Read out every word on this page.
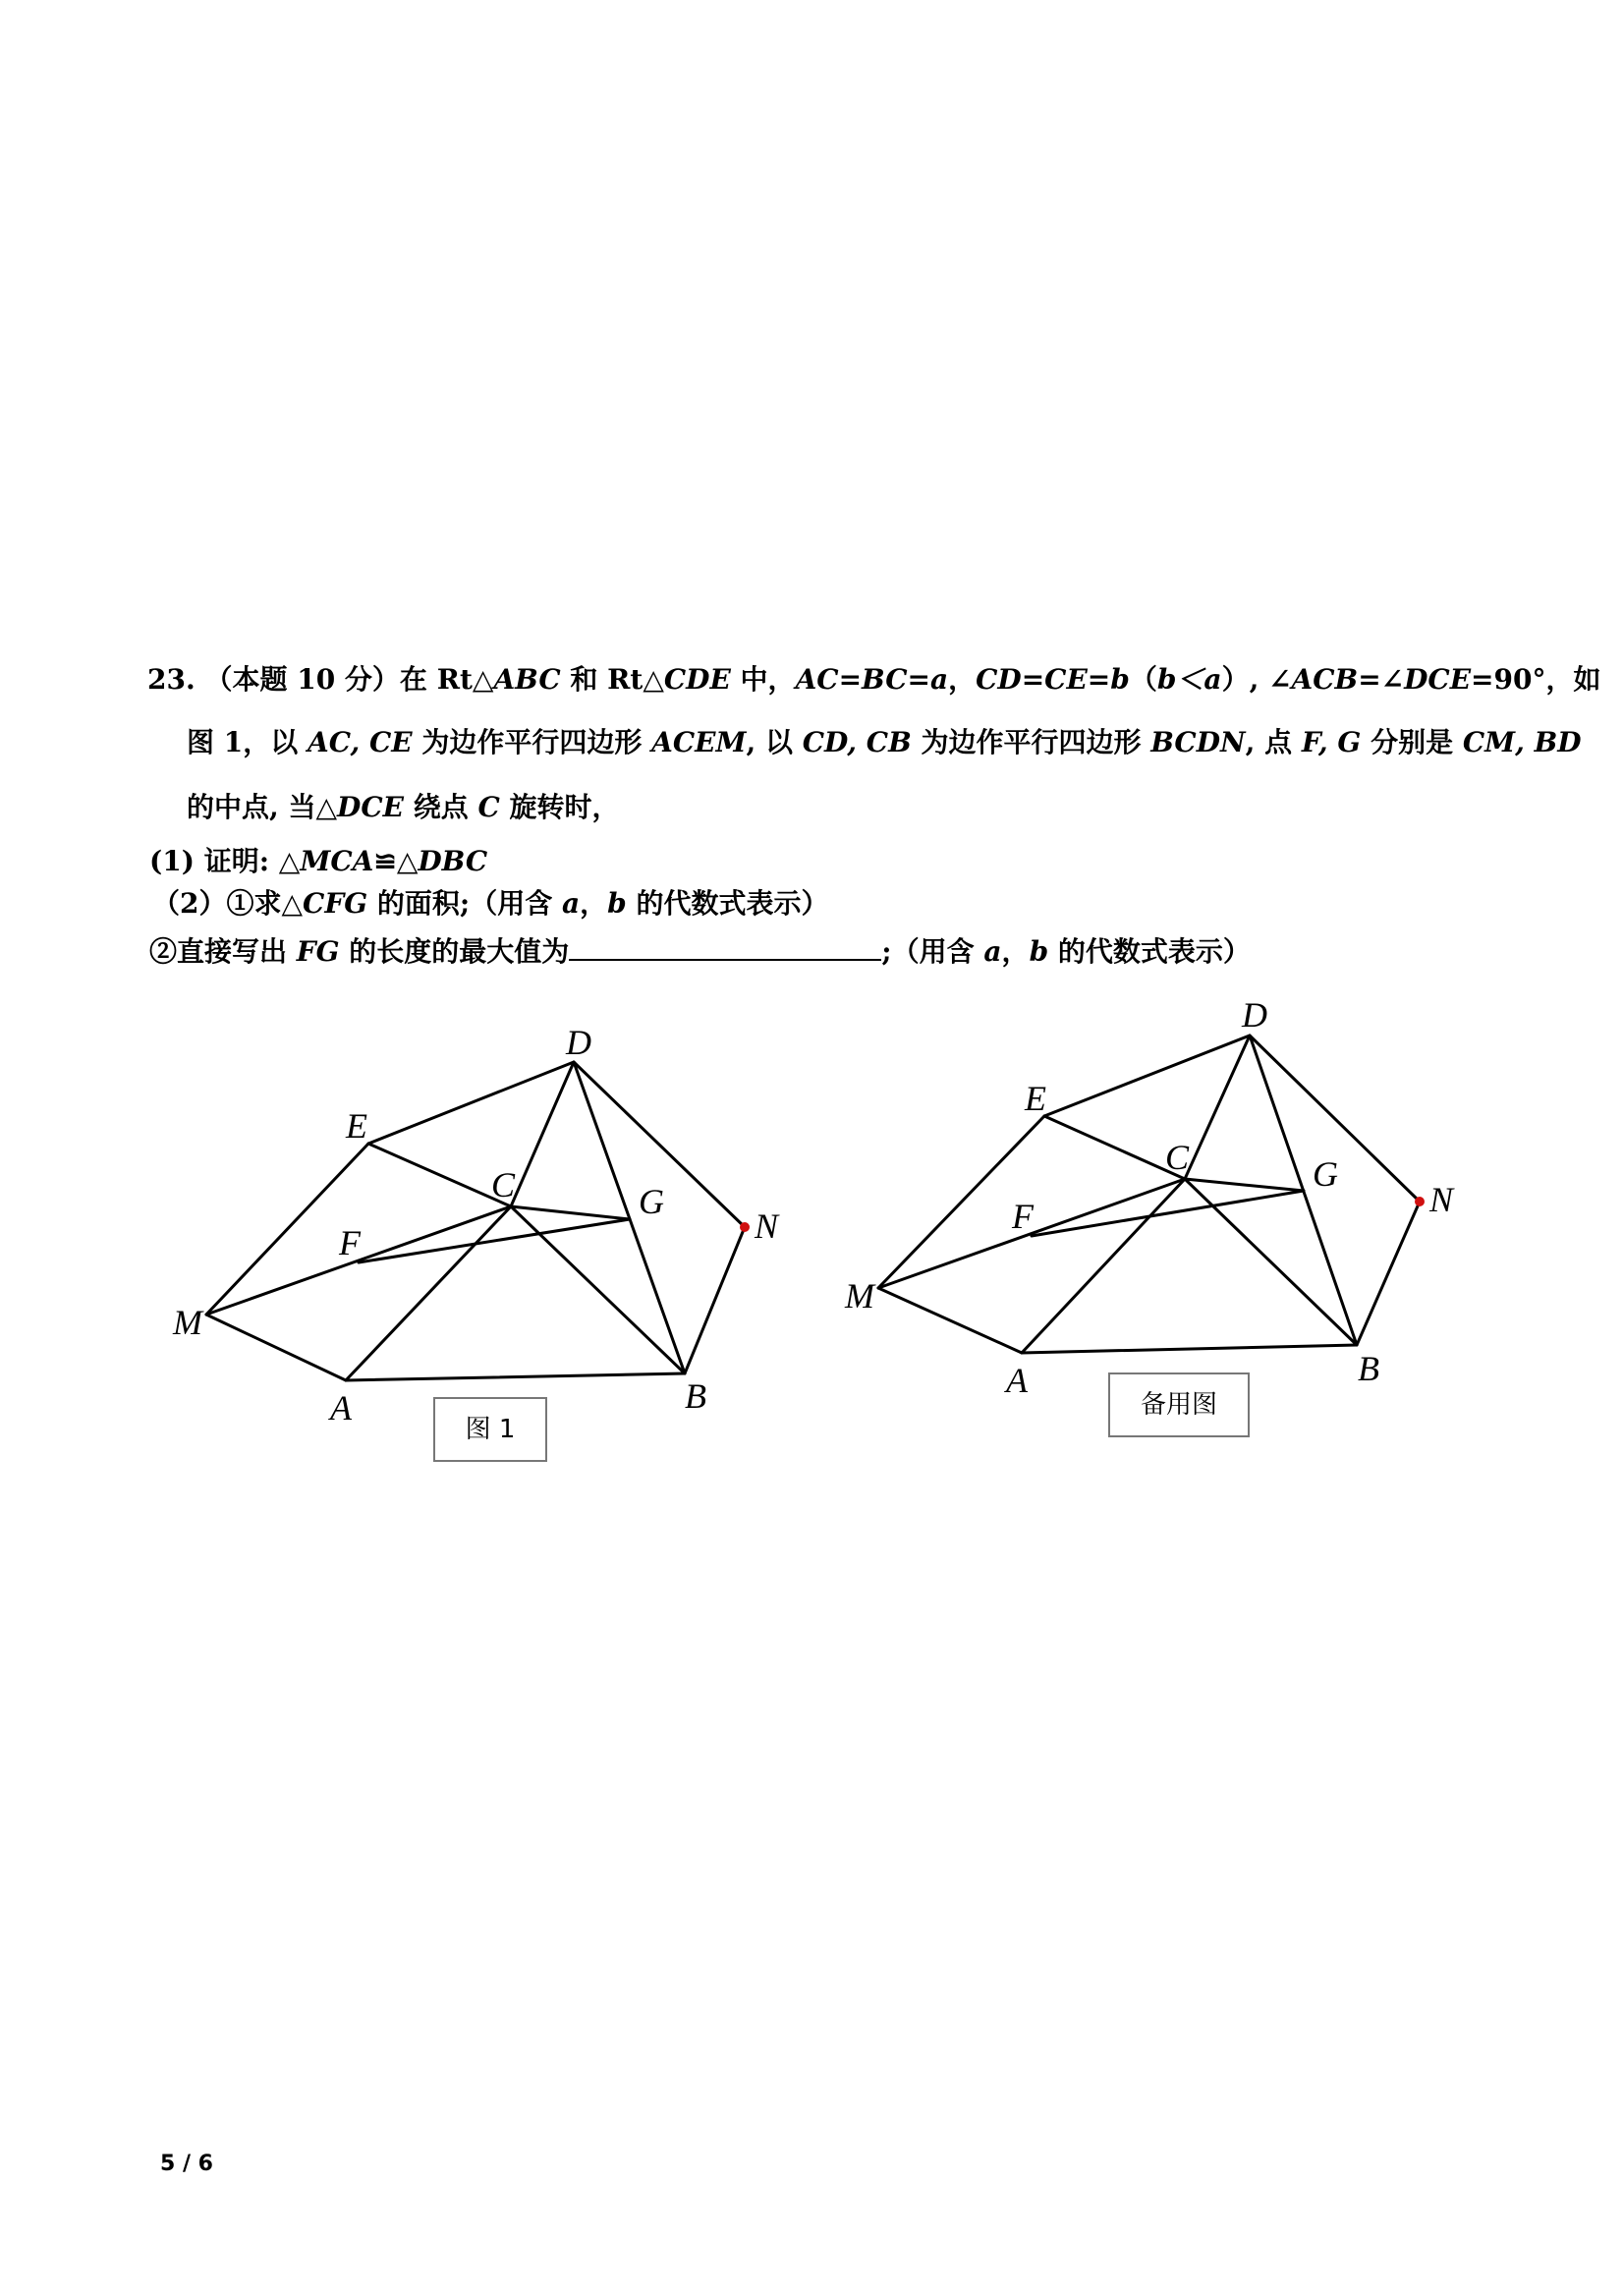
23. （本题 10 分）在 Rt△ABC 和 Rt△CDE 中，AC=BC=a，CD=CE=b（b＜a）, ∠ACB=∠DCE=90°，如
图 1，以 AC, CE 为边作平行四边形 ACEM, 以 CD, CB 为边作平行四边形 BCDN, 点 F, G 分别是 CM, BD
的中点, 当△DCE 绕点 C 旋转时，
(1) 证明: △MCA≌△DBC
（2）①求△CFG 的面积;（用含 a，b 的代数式表示）
②直接写出 FG 的长度的最大值为	;（用含 a，b 的代数式表示）
D
E
C	G
N
F
M
A	B
D
E
C	G
N
F
M
A	B
图 1
备用图
5 / 6
